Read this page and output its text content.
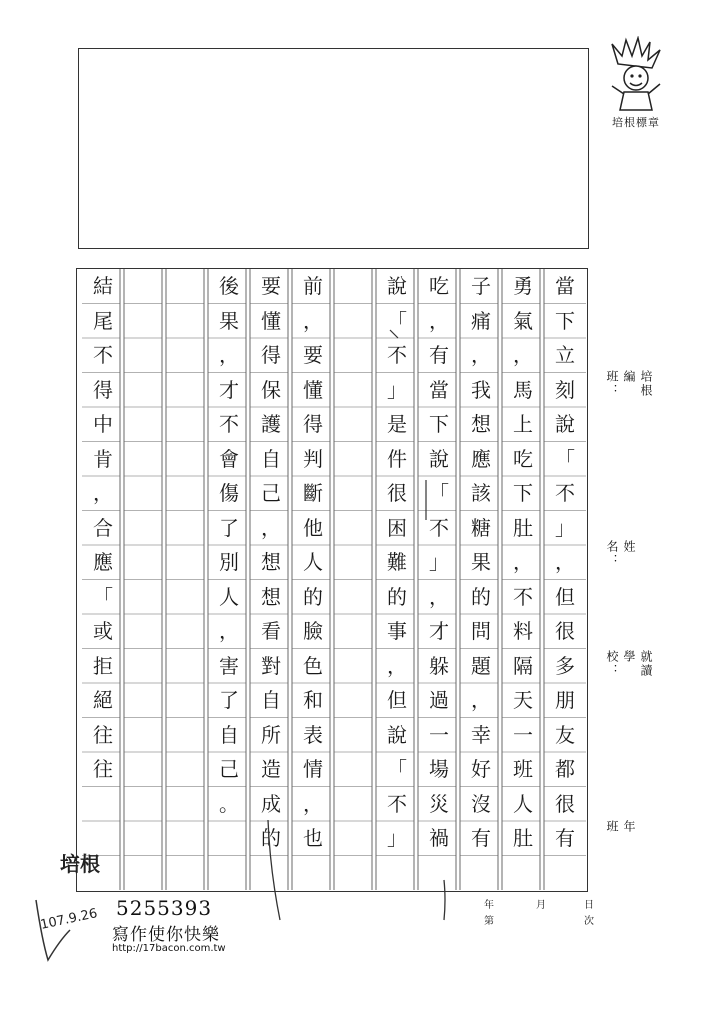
培根標章
當
下
立
刻
說
「
不
」
，
但
很
多
朋
友
都
很
有
勇
氣
，
馬
上
吃
下
肚
，
不
料
隔
天
一
班
人
肚
子
痛
，
我
想
應
該
糖
果
的
問
題
，
幸
好
沒
有
吃
，
有
當
下
說
「
不
」
，
才
躲
過
一
場
災
禍
說
「
不
」
是
件
很
困
難
的
事
，
但
說
「
不
」
前
，
要
懂
得
判
斷
他
人
的
臉
色
和
表
情
，
也
要
懂
得
保
護
自
己
，
想
想
看
對
自
所
造
成
的
後
果
，
才
不
會
傷
了
別
人
，
害
了
自
己
。
結
尾
不
得
中
肯
，
合
應
「
或
拒
絕
往
往
培根編班：
姓名：
就讀學校：
年　班
年	月	日
第	次
5255393
寫作使你快樂
http://17bacon.com.tw
107.9.26
培根
